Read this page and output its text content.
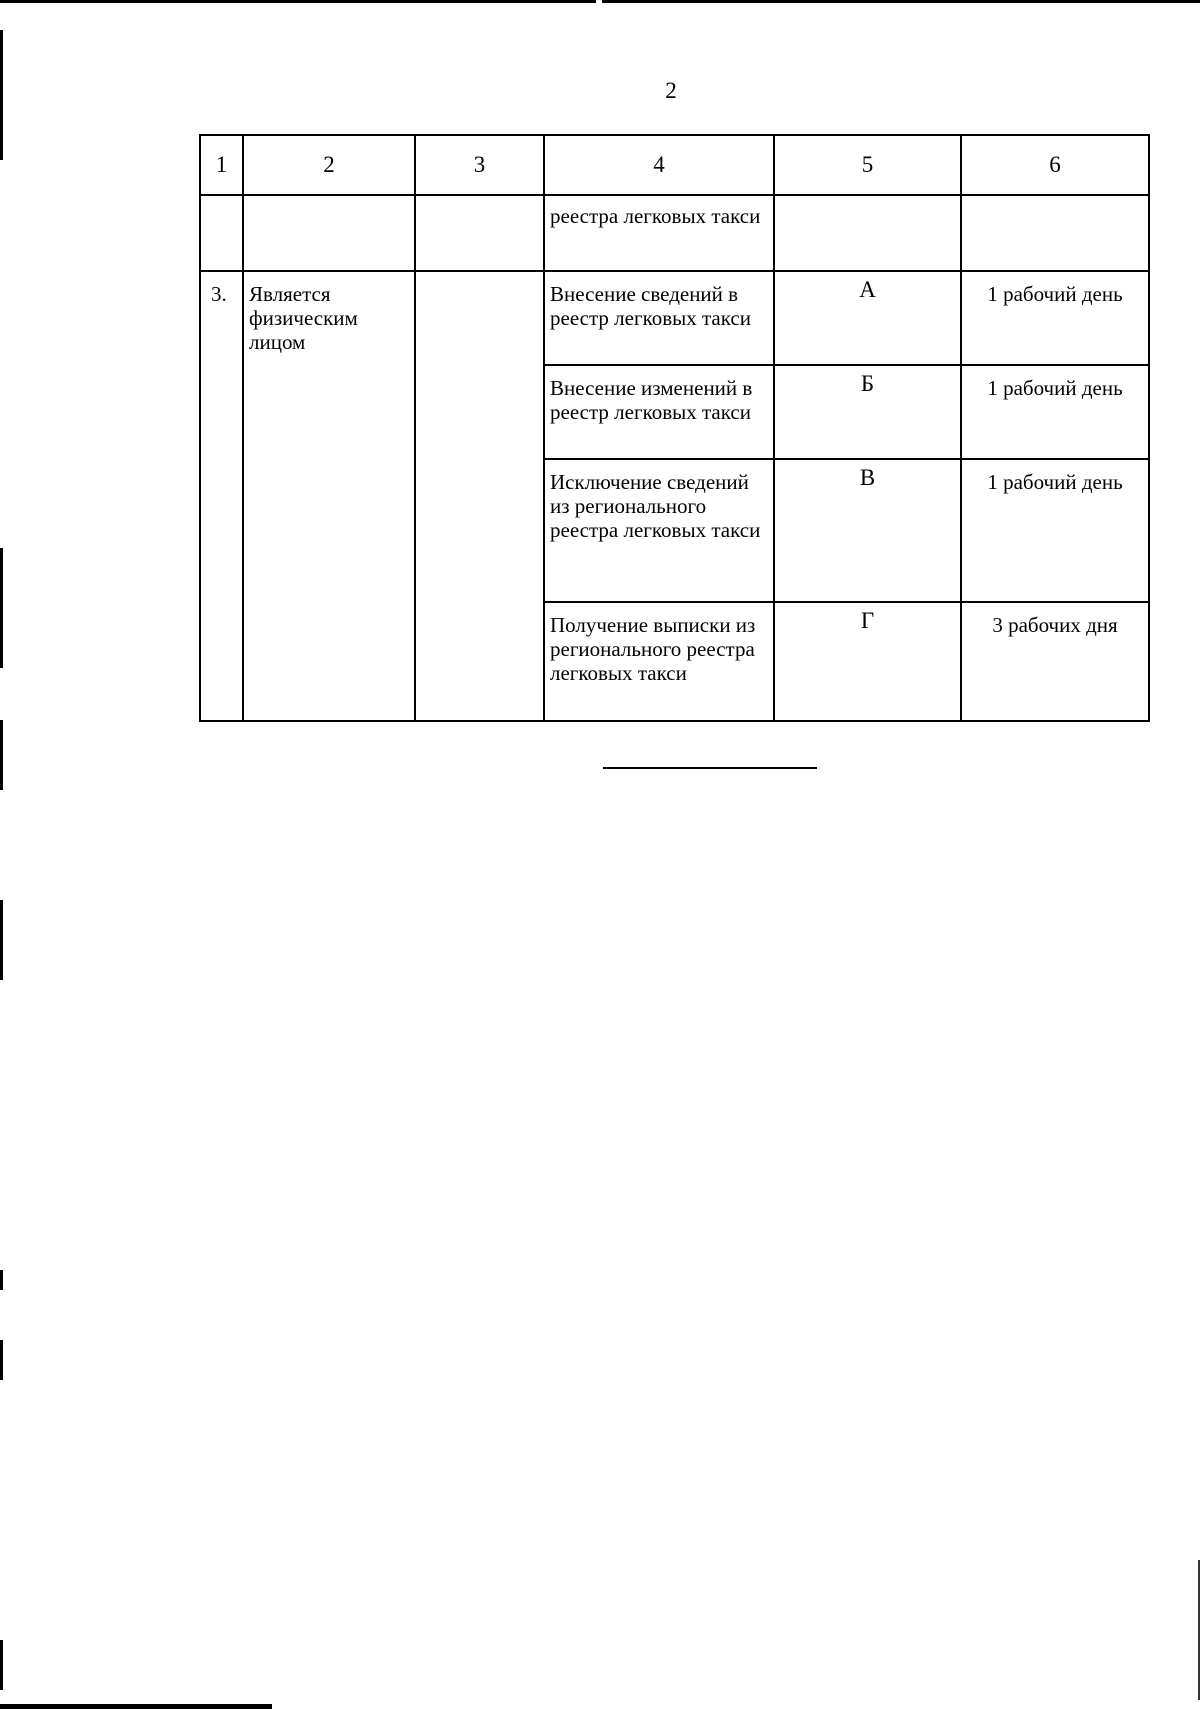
2
1	2	3	4	5	6
			реестра легковых такси		
3.	Является физическим лицом		Внесение сведений в реестр легковых такси	А	1 рабочий день
			Внесение изменений в реестр легковых такси	Б	1 рабочий день
			Исключение сведений из регионального реестра легковых такси	В	1 рабочий день
			Получение выписки из регионального реестра легковых такси	Г	3 рабочих дня
